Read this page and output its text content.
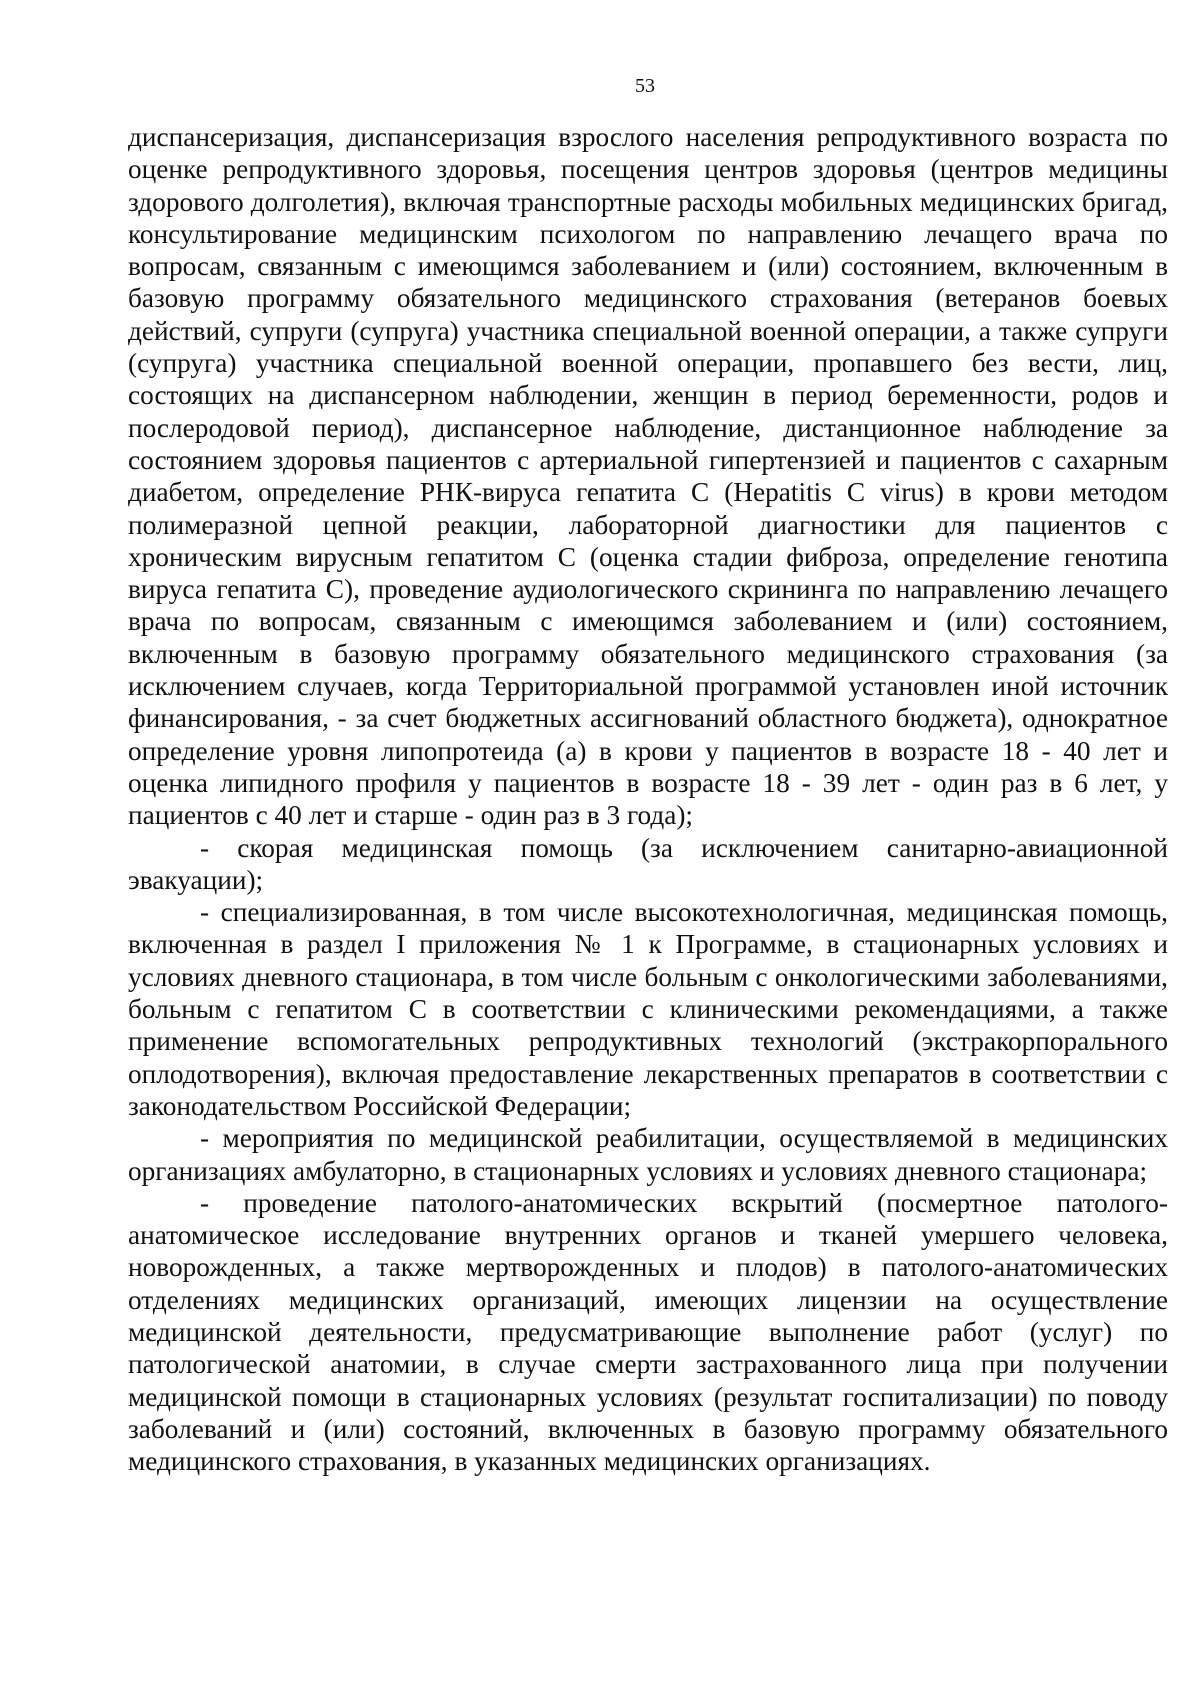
53

диспансеризация, диспансеризация взрослого населения репродуктивного возраста по оценке репродуктивного здоровья, посещения центров здоровья (центров медицины здорового долголетия), включая транспортные расходы мобильных медицинских бригад, консультирование медицинским психологом по направлению лечащего врача по вопросам, связанным с имеющимся заболеванием и (или) состоянием, включенным в базовую программу обязательного медицинского страхования (ветеранов боевых действий, супруги (супруга) участника специальной военной операции, а также супруги (супруга) участника специальной военной операции, пропавшего без вести, лиц, состоящих на диспансерном наблюдении, женщин в период беременности, родов и послеродовой период), диспансерное наблюдение, дистанционное наблюдение за состоянием здоровья пациентов с артериальной гипертензией и пациентов с сахарным диабетом, определение РНК-вируса гепатита С (Hepatitis C virus) в крови методом полимеразной цепной реакции, лабораторной диагностики для пациентов с хроническим вирусным гепатитом С (оценка стадии фиброза, определение генотипа вируса гепатита С), проведение аудиологического скрининга по направлению лечащего врача по вопросам, связанным с имеющимся заболеванием и (или) состоянием, включенным в базовую программу обязательного медицинского страхования (за исключением случаев, когда Территориальной программой установлен иной источник финансирования, - за счет бюджетных ассигнований областного бюджета), однократное определение уровня липопротеида (а) в крови у пациентов в возрасте 18 - 40 лет и оценка липидного профиля у пациентов в возрасте 18 - 39 лет - один раз в 6 лет, у пациентов с 40 лет и старше - один раз в 3 года);

- скорая медицинская помощь (за исключением санитарно-авиационной эвакуации);

- специализированная, в том числе высокотехнологичная, медицинская помощь, включенная в раздел I приложения № 1 к Программе, в стационарных условиях и условиях дневного стационара, в том числе больным с онкологическими заболеваниями, больным с гепатитом С в соответствии с клиническими рекомендациями, а также применение вспомогательных репродуктивных технологий (экстракорпорального оплодотворения), включая предоставление лекарственных препаратов в соответствии с законодательством Российской Федерации;

- мероприятия по медицинской реабилитации, осуществляемой в медицинских организациях амбулаторно, в стационарных условиях и условиях дневного стационара;

- проведение патолого-анатомических вскрытий (посмертное патолого-анатомическое исследование внутренних органов и тканей умершего человека, новорожденных, а также мертворожденных и плодов) в патолого-анатомических отделениях медицинских организаций, имеющих лицензии на осуществление медицинской деятельности, предусматривающие выполнение работ (услуг) по патологической анатомии, в случае смерти застрахованного лица при получении медицинской помощи в стационарных условиях (результат госпитализации) по поводу заболеваний и (или) состояний, включенных в базовую программу обязательного медицинского страхования, в указанных медицинских организациях.
